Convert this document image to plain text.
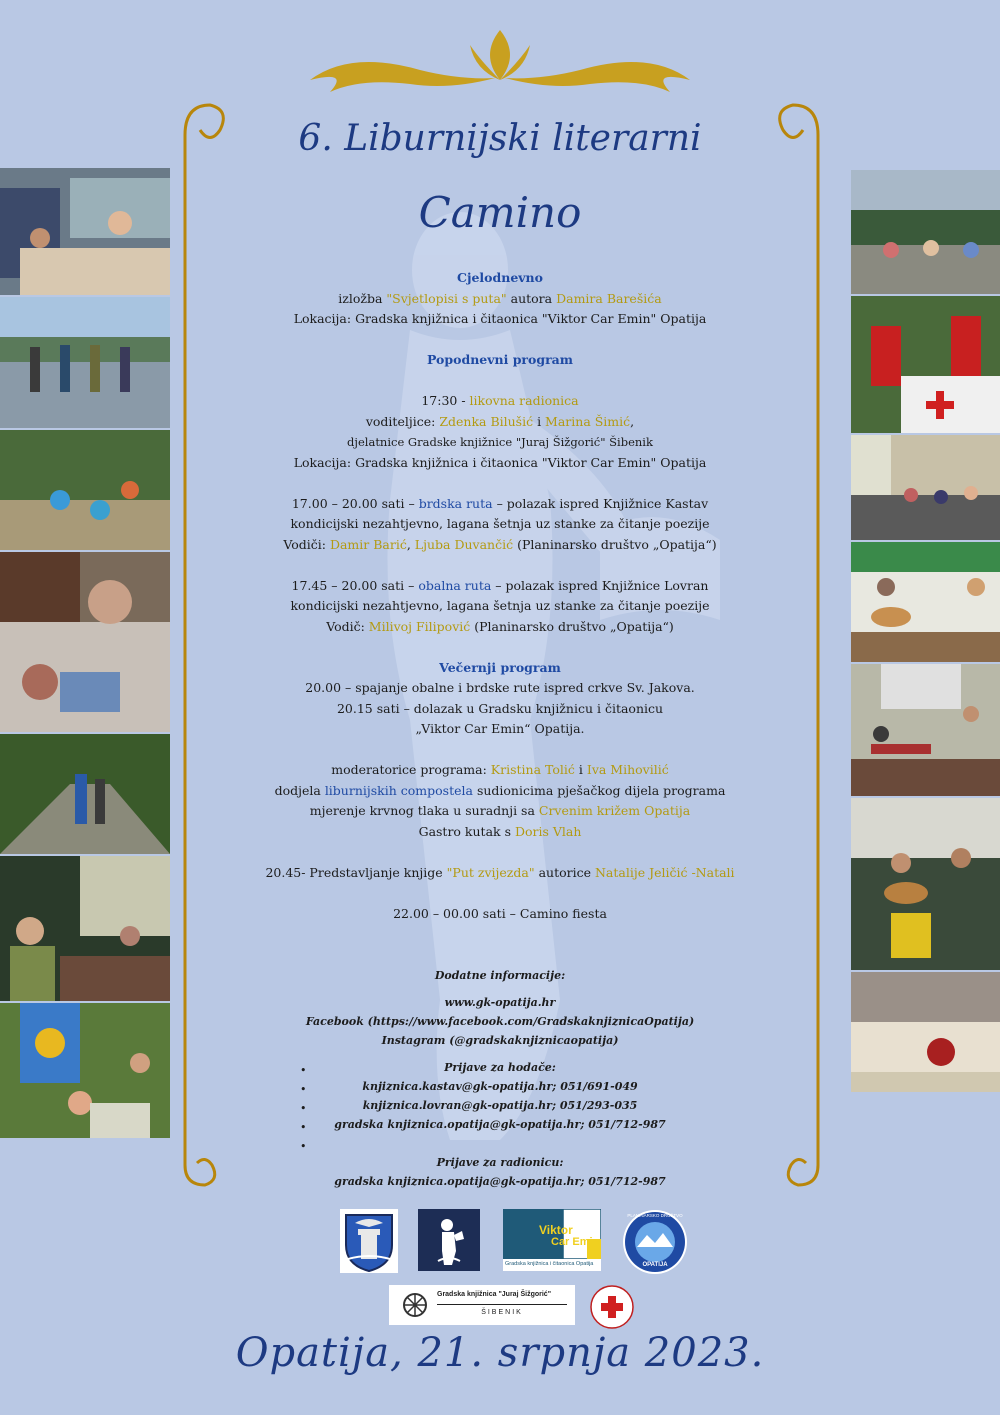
6. Liburnijski literarni
Camino

Cjelodnevno

izložba "Svjetlopisi s puta" autora Damira Barešića

Lokacija: Gradska knjižnica i čitaonica "Viktor Car Emin" Opatija

Popodnevni program

17:30 - likovna radionica

voditeljice: Zdenka Bilušić i Marina Šimić,

djelatnice Gradske knjižnice "Juraj Šižgorić" Šibenik

Lokacija: Gradska knjižnica i čitaonica "Viktor Car Emin" Opatija

17.00 – 20.00 sati – brdska ruta – polazak ispred Knjižnice Kastav

kondicijski nezahtjevno, lagana šetnja uz stanke za čitanje poezije

Vodiči: Damir Barić, Ljuba Duvančić (Planinarsko društvo „Opatija“)

17.45 – 20.00 sati – obalna ruta – polazak ispred Knjižnice Lovran

kondicijski nezahtjevno, lagana šetnja uz stanke za čitanje poezije

Vodič: Milivoj Filipović (Planinarsko društvo „Opatija“)

Večernji program

20.00 – spajanje obalne i brdske rute ispred crkve Sv. Jakova.

20.15 sati – dolazak u Gradsku knjižnicu i čitaonicu

„Viktor Car Emin“ Opatija.

moderatorice programa: Kristina Tolić i Iva Mihovilić

dodjela liburnijskih compostela sudionicima pješačkog dijela programa

mjerenje krvnog tlaka u suradnji sa Crvenim križem Opatija

Gastro kutak s Doris Vlah

20.45- Predstavljanje knjige "Put zvijezda" autorice Natalije Jeličić -Natali

22.00 – 00.00 sati – Camino fiesta

Dodatne informacije:

www.gk-opatija.hr

Facebook (https://www.facebook.com/GradskaknjiznicaOpatija)

Instagram (@gradskaknjiznicaopatija)

Prijave za hodače:

knjiznica.kastav@gk-opatija.hr; 051/691-049

knjiznica.lovran@gk-opatija.hr; 051/293-035

gradska knjiznica.opatija@gk-opatija.hr; 051/712-987

Prijave za radionicu:

gradska knjiznica.opatija@gk-opatija.hr; 051/712-987

•
•
•
•
•
Viktor
Car Emin
Gradska knjižnica i čitaonica Opatija
PLANINARSKO DRUŠTVO
OPATIJA
Gradska knjižnica "Juraj Šižgorić"
ŠIBENIK
Opatija, 21. srpnja 2023.
